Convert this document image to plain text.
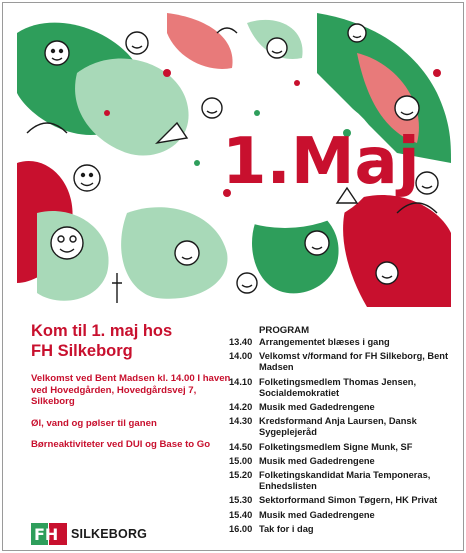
1.Maj

Kom til 1. maj hos

FH Silkeborg

Velkomst ved Bent Madsen kl. 14.00 I haven ved Hovedgården, Hovedgårdsvej 7, Silkeborg

Øl, vand og pølser til ganen

Børneaktiviteter ved DUI og Base to Go

PROGRAM
13.40 Arrangementet blæses i gang
14.00 Velkomst v/formand for FH Silkeborg, Bent Madsen
14.10 Folketingsmedlem Thomas Jensen, Socialdemokratiet
14.20 Musik med Gadedrengene
14.30 Kredsformand Anja Laursen, Dansk Sygeplejeråd
14.50 Folketingsmedlem Signe Munk, SF
15.00 Musik med Gadedrengene
15.20 Folketingskandidat Maria Temponeras, Enhedslisten
15.30 Sektorformand Simon Tøgern, HK Privat
15.40 Musik med Gadedrengene
16.00 Tak for i dag
FH SILKEBORG
